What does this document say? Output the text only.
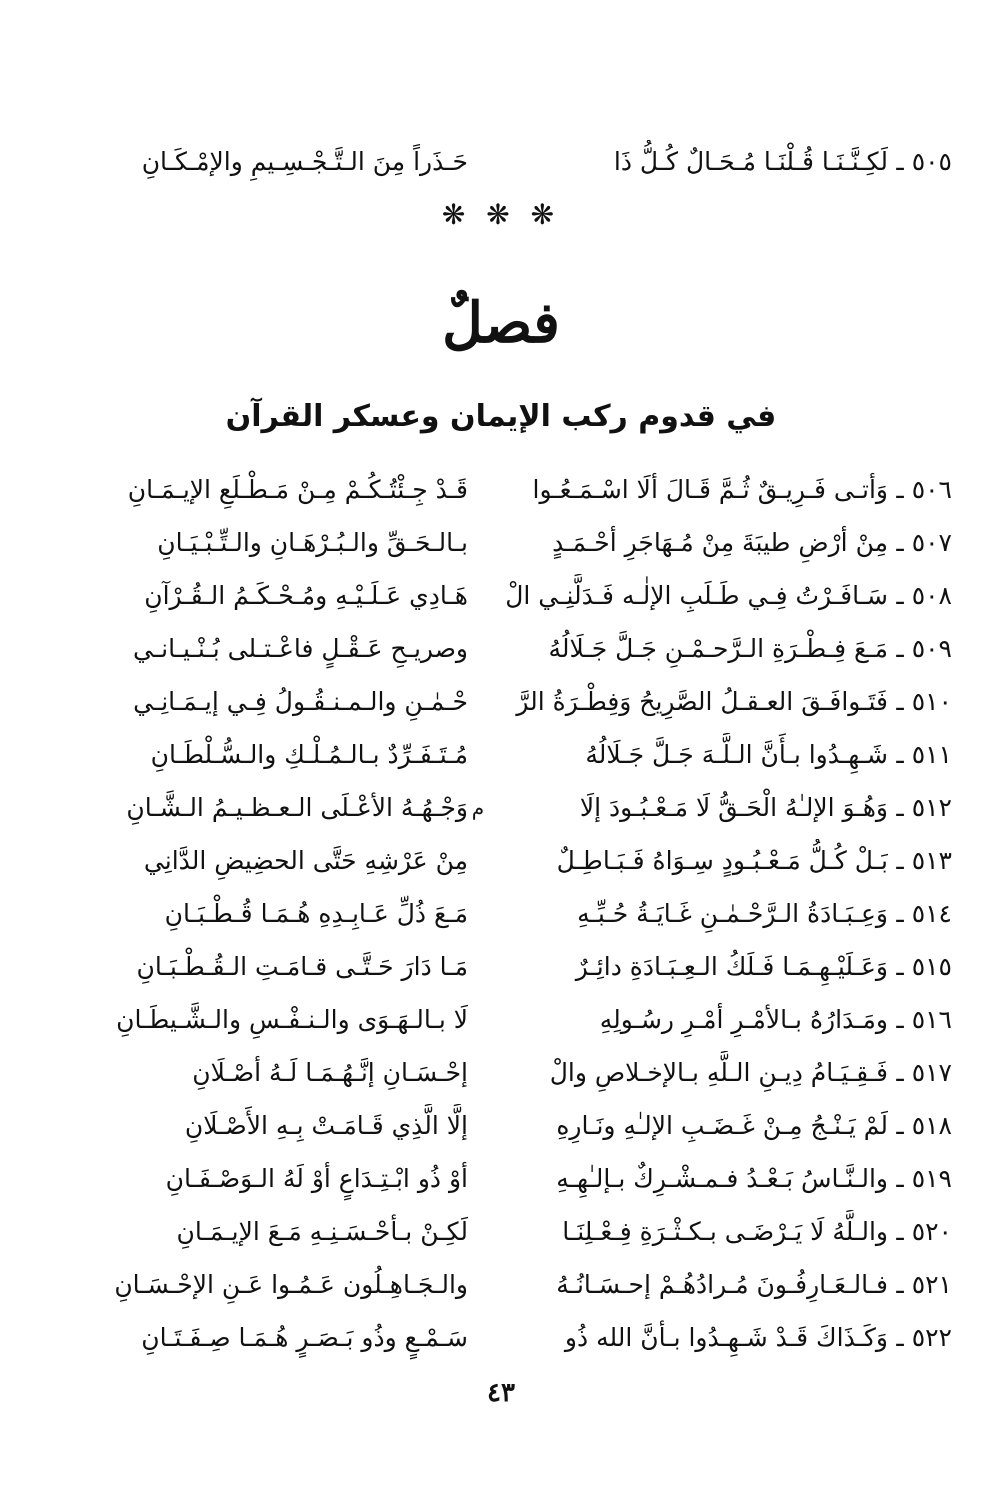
٥٠٥ ـ
لَكِـنَّـنَـا قُـلْنَـا مُـحَـالٌ كُـلُّ ذَا
حَـذَراً مِنَ الـتَّـجْـسِـيمِ والإمْـكَـانِ
❋ ❋ ❋
فصلٌ
في قدوم ركب الإيمان وعسكر القرآن
٥٠٦ ـ
وَأتـى فَـرِيـقٌ ثُـمَّ قَـالَ ألَا اسْـمَـعُـوا
قَـدْ جِـئْتُـكُـمْ مِـنْ مَـطْـلَعِ الإيـمَـانِ
٥٠٧ ـ
مِنْ أرْضِ طيبَةَ مِنْ مُـهَاجَرِ أحْـمَـدٍ
بـالـحَـقِّ والـبُـرْهَـانِ والـتِّـبْـيَـانِ
٥٠٨ ـ
سَـافَـرْتُ فِـي طَـلَبِ الإلٰـه فَـدَلَّنِـي الْ
هَـادِي عَـلَـيْـهِ ومُـحْـكَـمُ الـقُـرْآنِ
٥٠٩ ـ
مَـعَ فِـطْـرَةِ الـرَّحـمْـنِ جَـلَّ جَـلَالُهُ
وصريـحِ عَـقْـلٍ فاعْـتـلى بُـنْـيـانـي
٥١٠ ـ
فَتَـوافَـقَ العـقـلُ الصَّرِيحُ وَفِطْـرَةُ الرَّ
حْـمٰـنِ والـمـنـقُـولُ فِـي إيـمَـانِـي
٥١١ ـ
شَـهِـدُوا بـأَنَّ الـلَّـهَ جَـلَّ جَـلَالُهُ
مُـتَـفَـرِّدٌ بـالـمُـلْـكِ والـسُّـلْطَـانِ
٥١٢ ـ
وَهُـوَ الإلـٰهُ الْحَـقُّ لَا مَـعْـبُـودَ إلَا
م
وَجْـهُـهُ الأعْـلَى الـعـظـيـمُ الـشَّـانِ
٥١٣ ـ
بَـلْ كُـلُّ مَـعْـبُـودٍ سِـوَاهُ فَـبَـاطِـلٌ
مِنْ عَرْشِهِ حَتَّى الحضِيضِ الدَّانِي
٥١٤ ـ
وَعِـبَـادَةُ الـرَّحْـمٰـنِ غَـايَـةُ حُـبِّـهِ
مَـعَ ذُلِّ عَـابِـدِهِ هُـمَـا قُـطْـبَـانِ
٥١٥ ـ
وَعَـلَيْـهِـمَـا فَـلَكُ الـعِـبَـادَةِ دائِـرٌ
مَـا دَارَ حَـتَّـى قـامَـتِ الـقُـطْـبَـانِ
٥١٦ ـ
ومَـدَارُهُ بـالأمْـرِ أمْـرِ رسُـولِهِ
لَا بـالـهَـوَى والـنـفْـسِ والـشَّـيطَـانِ
٥١٧ ـ
فَـقِـيَـامُ دِيـنِ الـلَّهِ بـالإخـلاصِ والْ
إحْـسَـانِ إنَّـهُـمَـا لَـهُ أصْـلَانِ
٥١٨ ـ
لَمْ يَـنْـجُ مِـنْ غَـضَـبِ الإلـٰهِ ونَـارِهِ
إلَّا الَّذِي قَـامَـتْ بِـهِ الأَصْـلَانِ
٥١٩ ـ
والـنَّـاسُ بَـعْـدُ فـمـشْـرِكٌ بـإلـٰهِـهِ
أوْ ذُو ابْـتِـدَاعٍ أوْ لَهُ الـوَصْـفَـانِ
٥٢٠ ـ
والـلَّهُ لَا يَـرْضَـى بـكـثْـرَةِ فِـعْـلِنَـا
لَكِـنْ بـأحْـسَـنِـهِ مَـعَ الإيـمَـانِ
٥٢١ ـ
فـالـعَـارِفُـونَ مُـرادُهُـمْ إحـسَـانُـهُ
والـجَـاهِـلُون عَـمُـوا عَـنِ الإحْـسَـانِ
٥٢٢ ـ
وَكَـذَاكَ قَـدْ شَـهِـدُوا بـأنَّ الله ذُو
سَـمْـعٍ وذُو بَـصَـرٍ هُـمَـا صِـفَـتَـانِ
٤٣
